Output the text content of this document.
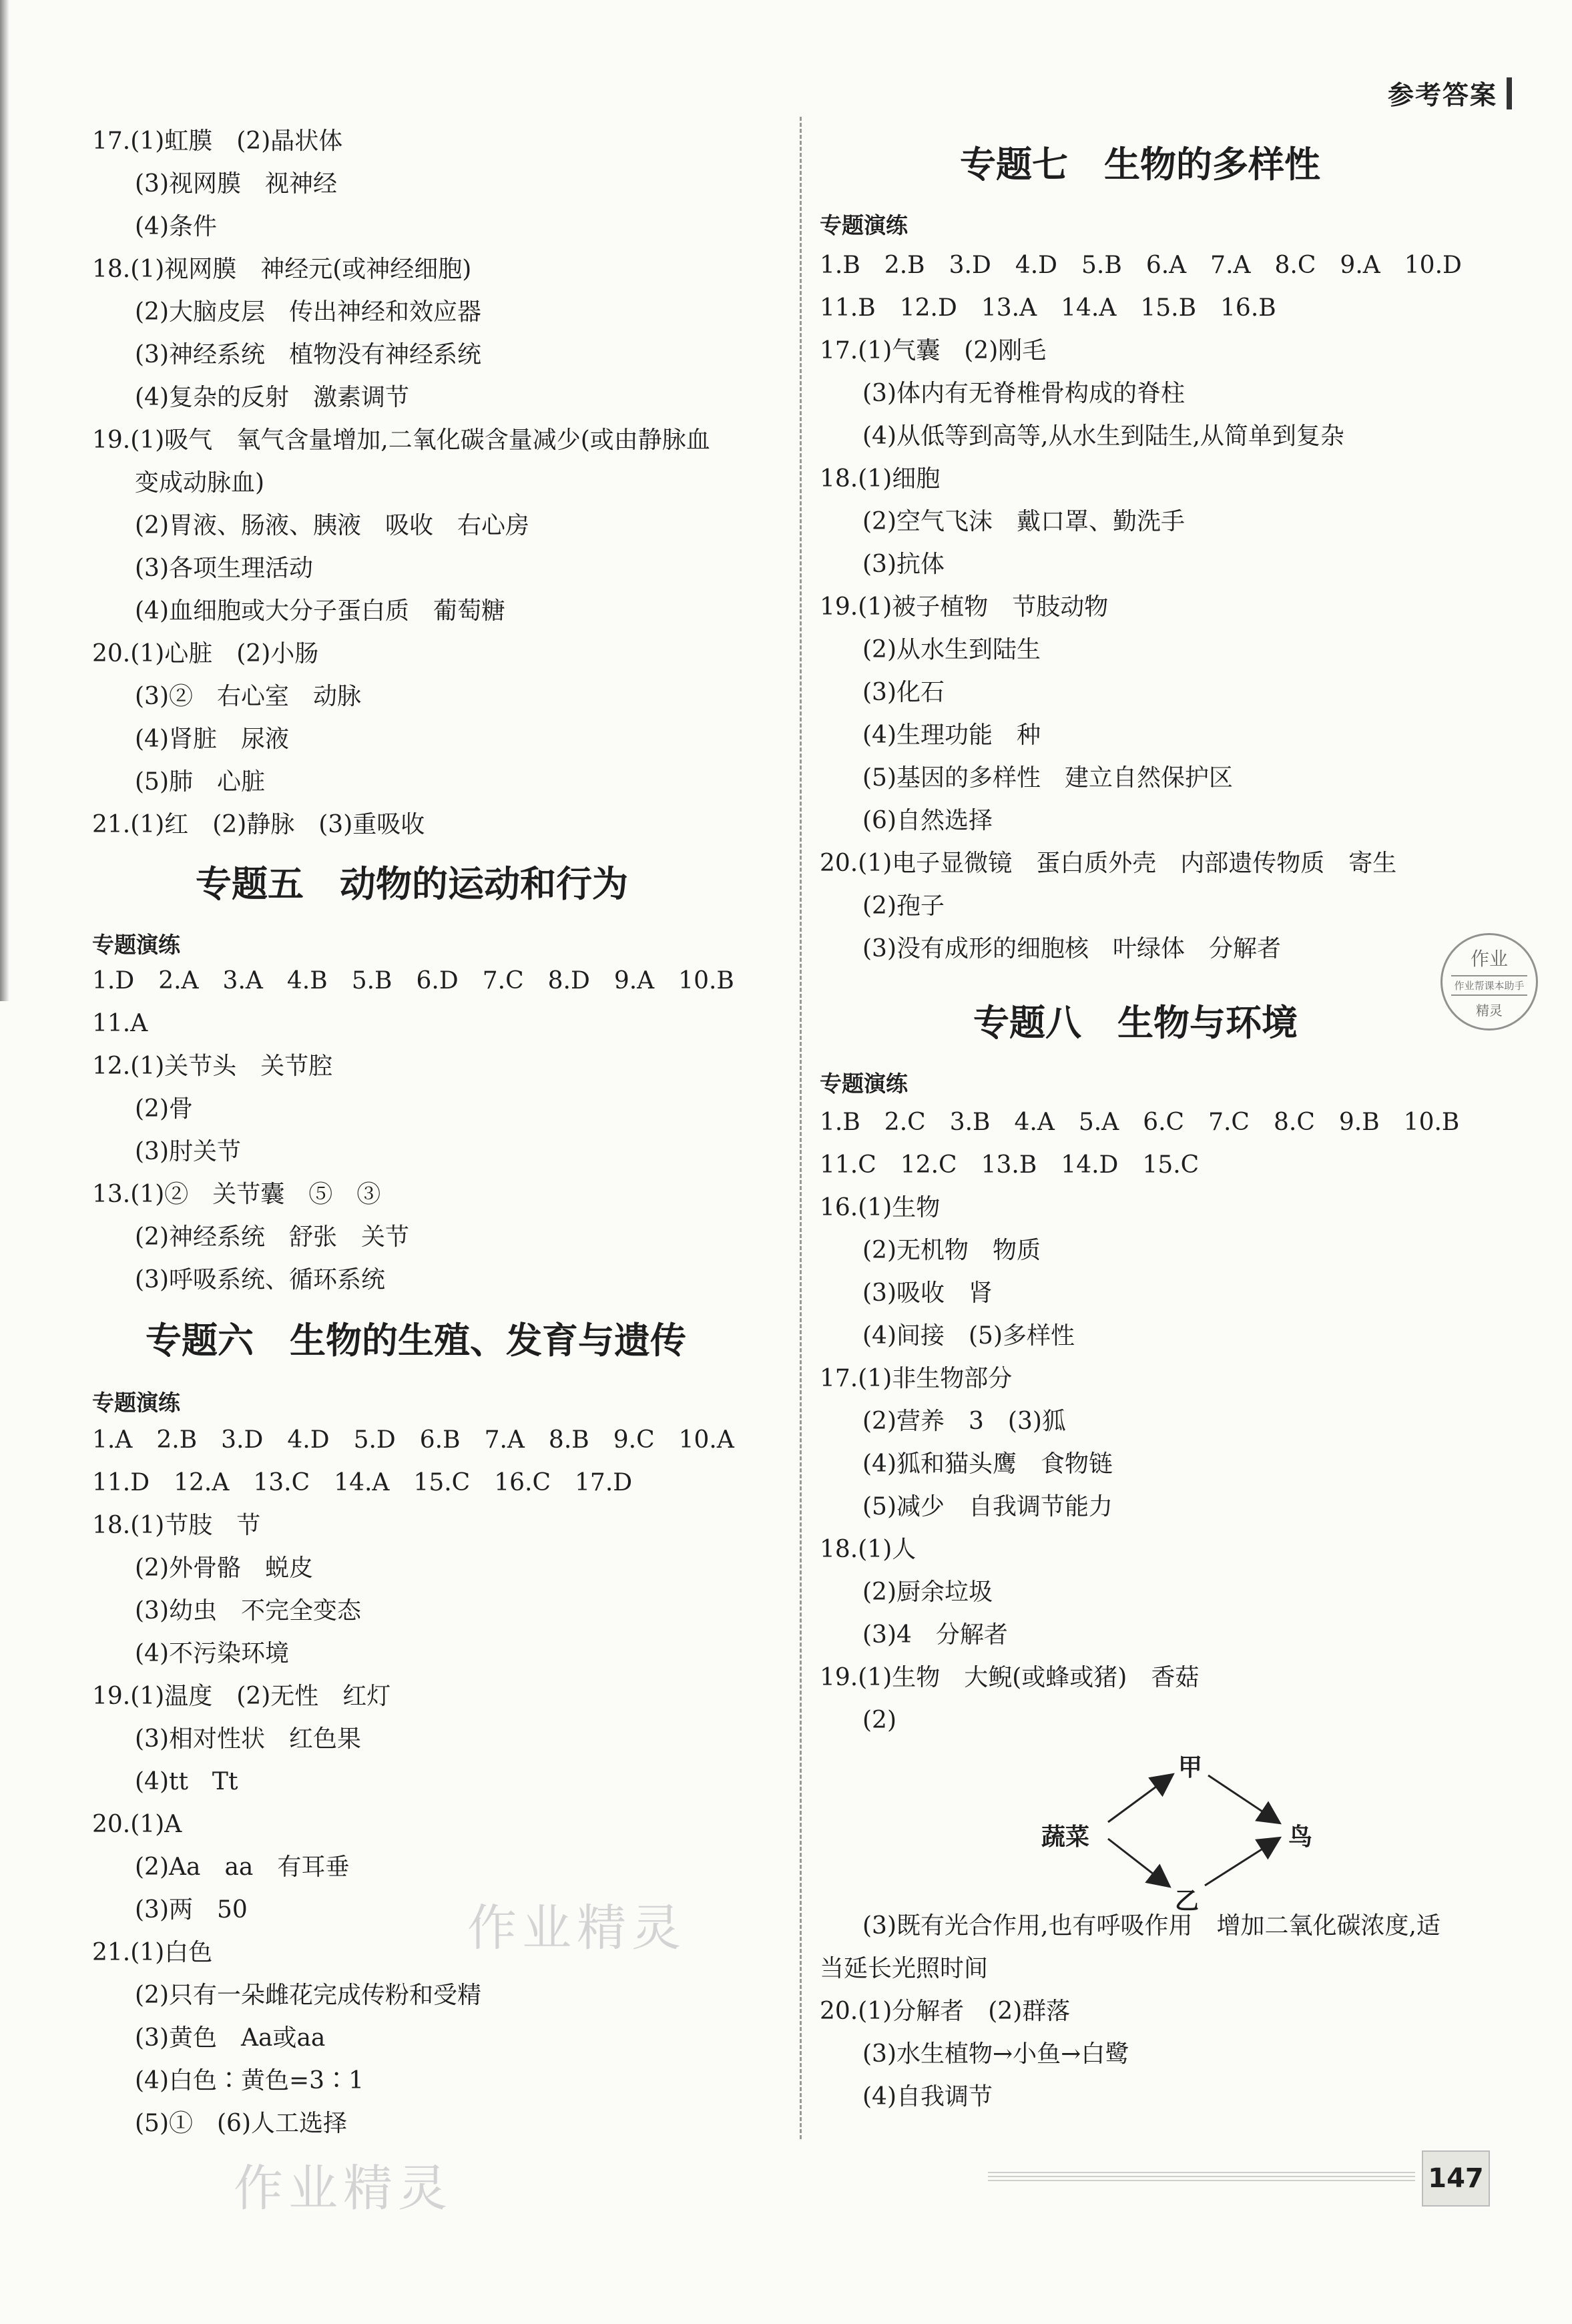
参考答案
17.(1)虹膜　(2)晶状体
(3)视网膜　视神经
(4)条件
18.(1)视网膜　神经元(或神经细胞)
(2)大脑皮层　传出神经和效应器
(3)神经系统　植物没有神经系统
(4)复杂的反射　激素调节
19.(1)吸气　氧气含量增加,二氧化碳含量减少(或由静脉血
变成动脉血)
(2)胃液、肠液、胰液　吸收　右心房
(3)各项生理活动
(4)血细胞或大分子蛋白质　葡萄糖
20.(1)心脏　(2)小肠
(3)②　右心室　动脉
(4)肾脏　尿液
(5)肺　心脏
21.(1)红　(2)静脉　(3)重吸收
专题五　动物的运动和行为
专题演练
1.D　2.A　3.A　4.B　5.B　6.D　7.C　8.D　9.A　10.B
11.A
12.(1)关节头　关节腔
(2)骨
(3)肘关节
13.(1)②　关节囊　⑤　③
(2)神经系统　舒张　关节
(3)呼吸系统、循环系统
专题六　生物的生殖、发育与遗传
专题演练
1.A　2.B　3.D　4.D　5.D　6.B　7.A　8.B　9.C　10.A
11.D　12.A　13.C　14.A　15.C　16.C　17.D
18.(1)节肢　节
(2)外骨骼　蜕皮
(3)幼虫　不完全变态
(4)不污染环境
19.(1)温度　(2)无性　红灯
(3)相对性状　红色果
(4)tt　Tt
20.(1)A
(2)Aa　aa　有耳垂
(3)两　50
21.(1)白色
(2)只有一朵雌花完成传粉和受精
(3)黄色　Aa或aa
(4)白色∶黄色=3∶1
(5)①　(6)人工选择
专题七　生物的多样性
专题演练
1.B　2.B　3.D　4.D　5.B　6.A　7.A　8.C　9.A　10.D
11.B　12.D　13.A　14.A　15.B　16.B
17.(1)气囊　(2)刚毛
(3)体内有无脊椎骨构成的脊柱
(4)从低等到高等,从水生到陆生,从简单到复杂
18.(1)细胞
(2)空气飞沫　戴口罩、勤洗手
(3)抗体
19.(1)被子植物　节肢动物
(2)从水生到陆生
(3)化石
(4)生理功能　种
(5)基因的多样性　建立自然保护区
(6)自然选择
20.(1)电子显微镜　蛋白质外壳　内部遗传物质　寄生
(2)孢子
(3)没有成形的细胞核　叶绿体　分解者
专题八　生物与环境
专题演练
1.B　2.C　3.B　4.A　5.A　6.C　7.C　8.C　9.B　10.B
11.C　12.C　13.B　14.D　15.C
16.(1)生物
(2)无机物　物质
(3)吸收　肾
(4)间接　(5)多样性
17.(1)非生物部分
(2)营养　3　(3)狐
(4)狐和猫头鹰　食物链
(5)减少　自我调节能力
18.(1)人
(2)厨余垃圾
(3)4　分解者
19.(1)生物　大鲵(或蜂或猪)　香菇
(2)
(3)既有光合作用,也有呼吸作用　增加二氧化碳浓度,适
当延长光照时间
20.(1)分解者　(2)群落
(3)水生植物→小鱼→白鹭
(4)自我调节
蔬菜
甲
乙
鸟
作业
作业帮课本助手
精灵
作业精灵
作业精灵	147
